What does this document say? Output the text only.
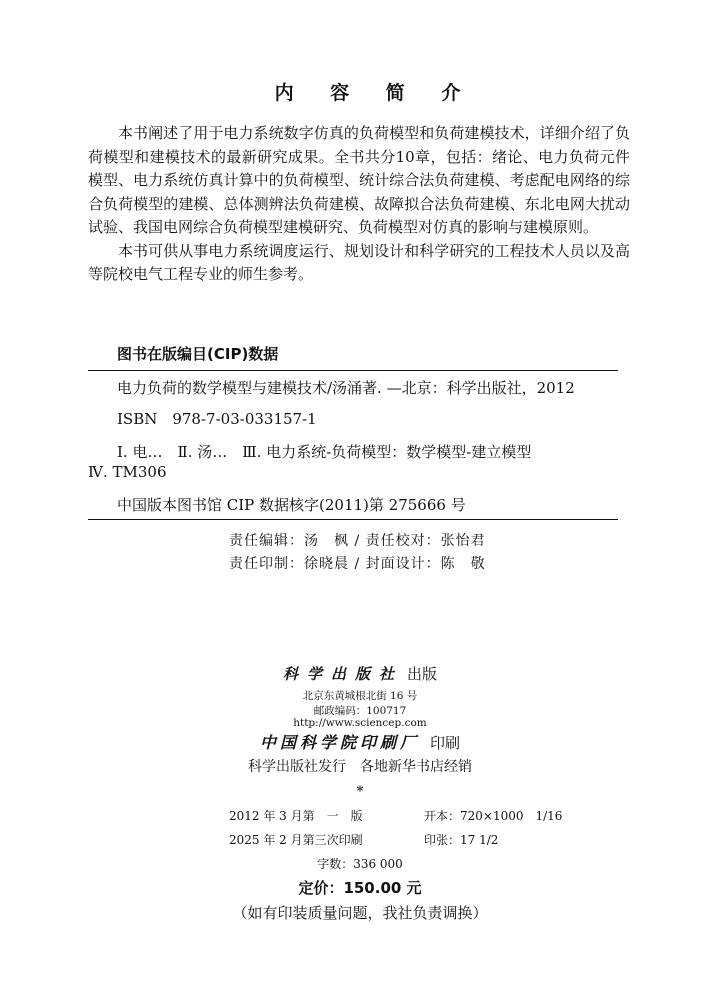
内 容 简 介

本书阐述了用于电力系统数字仿真的负荷模型和负荷建模技术，详细介绍了负荷模型和建模技术的最新研究成果。全书共分10章，包括：绪论、电力负荷元件模型、电力系统仿真计算中的负荷模型、统计综合法负荷建模、考虑配电网络的综合负荷模型的建模、总体测辨法负荷建模、故障拟合法负荷建模、东北电网大扰动试验、我国电网综合负荷模型建模研究、负荷模型对仿真的影响与建模原则。

本书可供从事电力系统调度运行、规划设计和科学研究的工程技术人员以及高等院校电气工程专业的师生参考。

图书在版编目(CIP)数据
电力负荷的数学模型与建模技术/汤涌著. —北京：科学出版社，2012
ISBN　978-7-03-033157-1
Ⅰ. 电…　Ⅱ. 汤…　Ⅲ. 电力系统-负荷模型：数学模型-建立模型
Ⅳ. TM306
中国版本图书馆 CIP 数据核字(2011)第 275666 号
责任编辑：汤　枫 / 责任校对：张怡君
责任印制：徐晓晨 / 封面设计：陈　敬
科学出版社 出版
北京东黄城根北街 16 号
邮政编码：100717
http://www.sciencep.com
中国科学院印刷厂 印刷
科学出版社发行　各地新华书店经销
*
2012 年 3 月第　一　版	开本：720×1000　1/16
2025 年 2 月第三次印刷	印张：17 1/2
字数：336 000
定价：150.00 元
（如有印装质量问题，我社负责调换）
